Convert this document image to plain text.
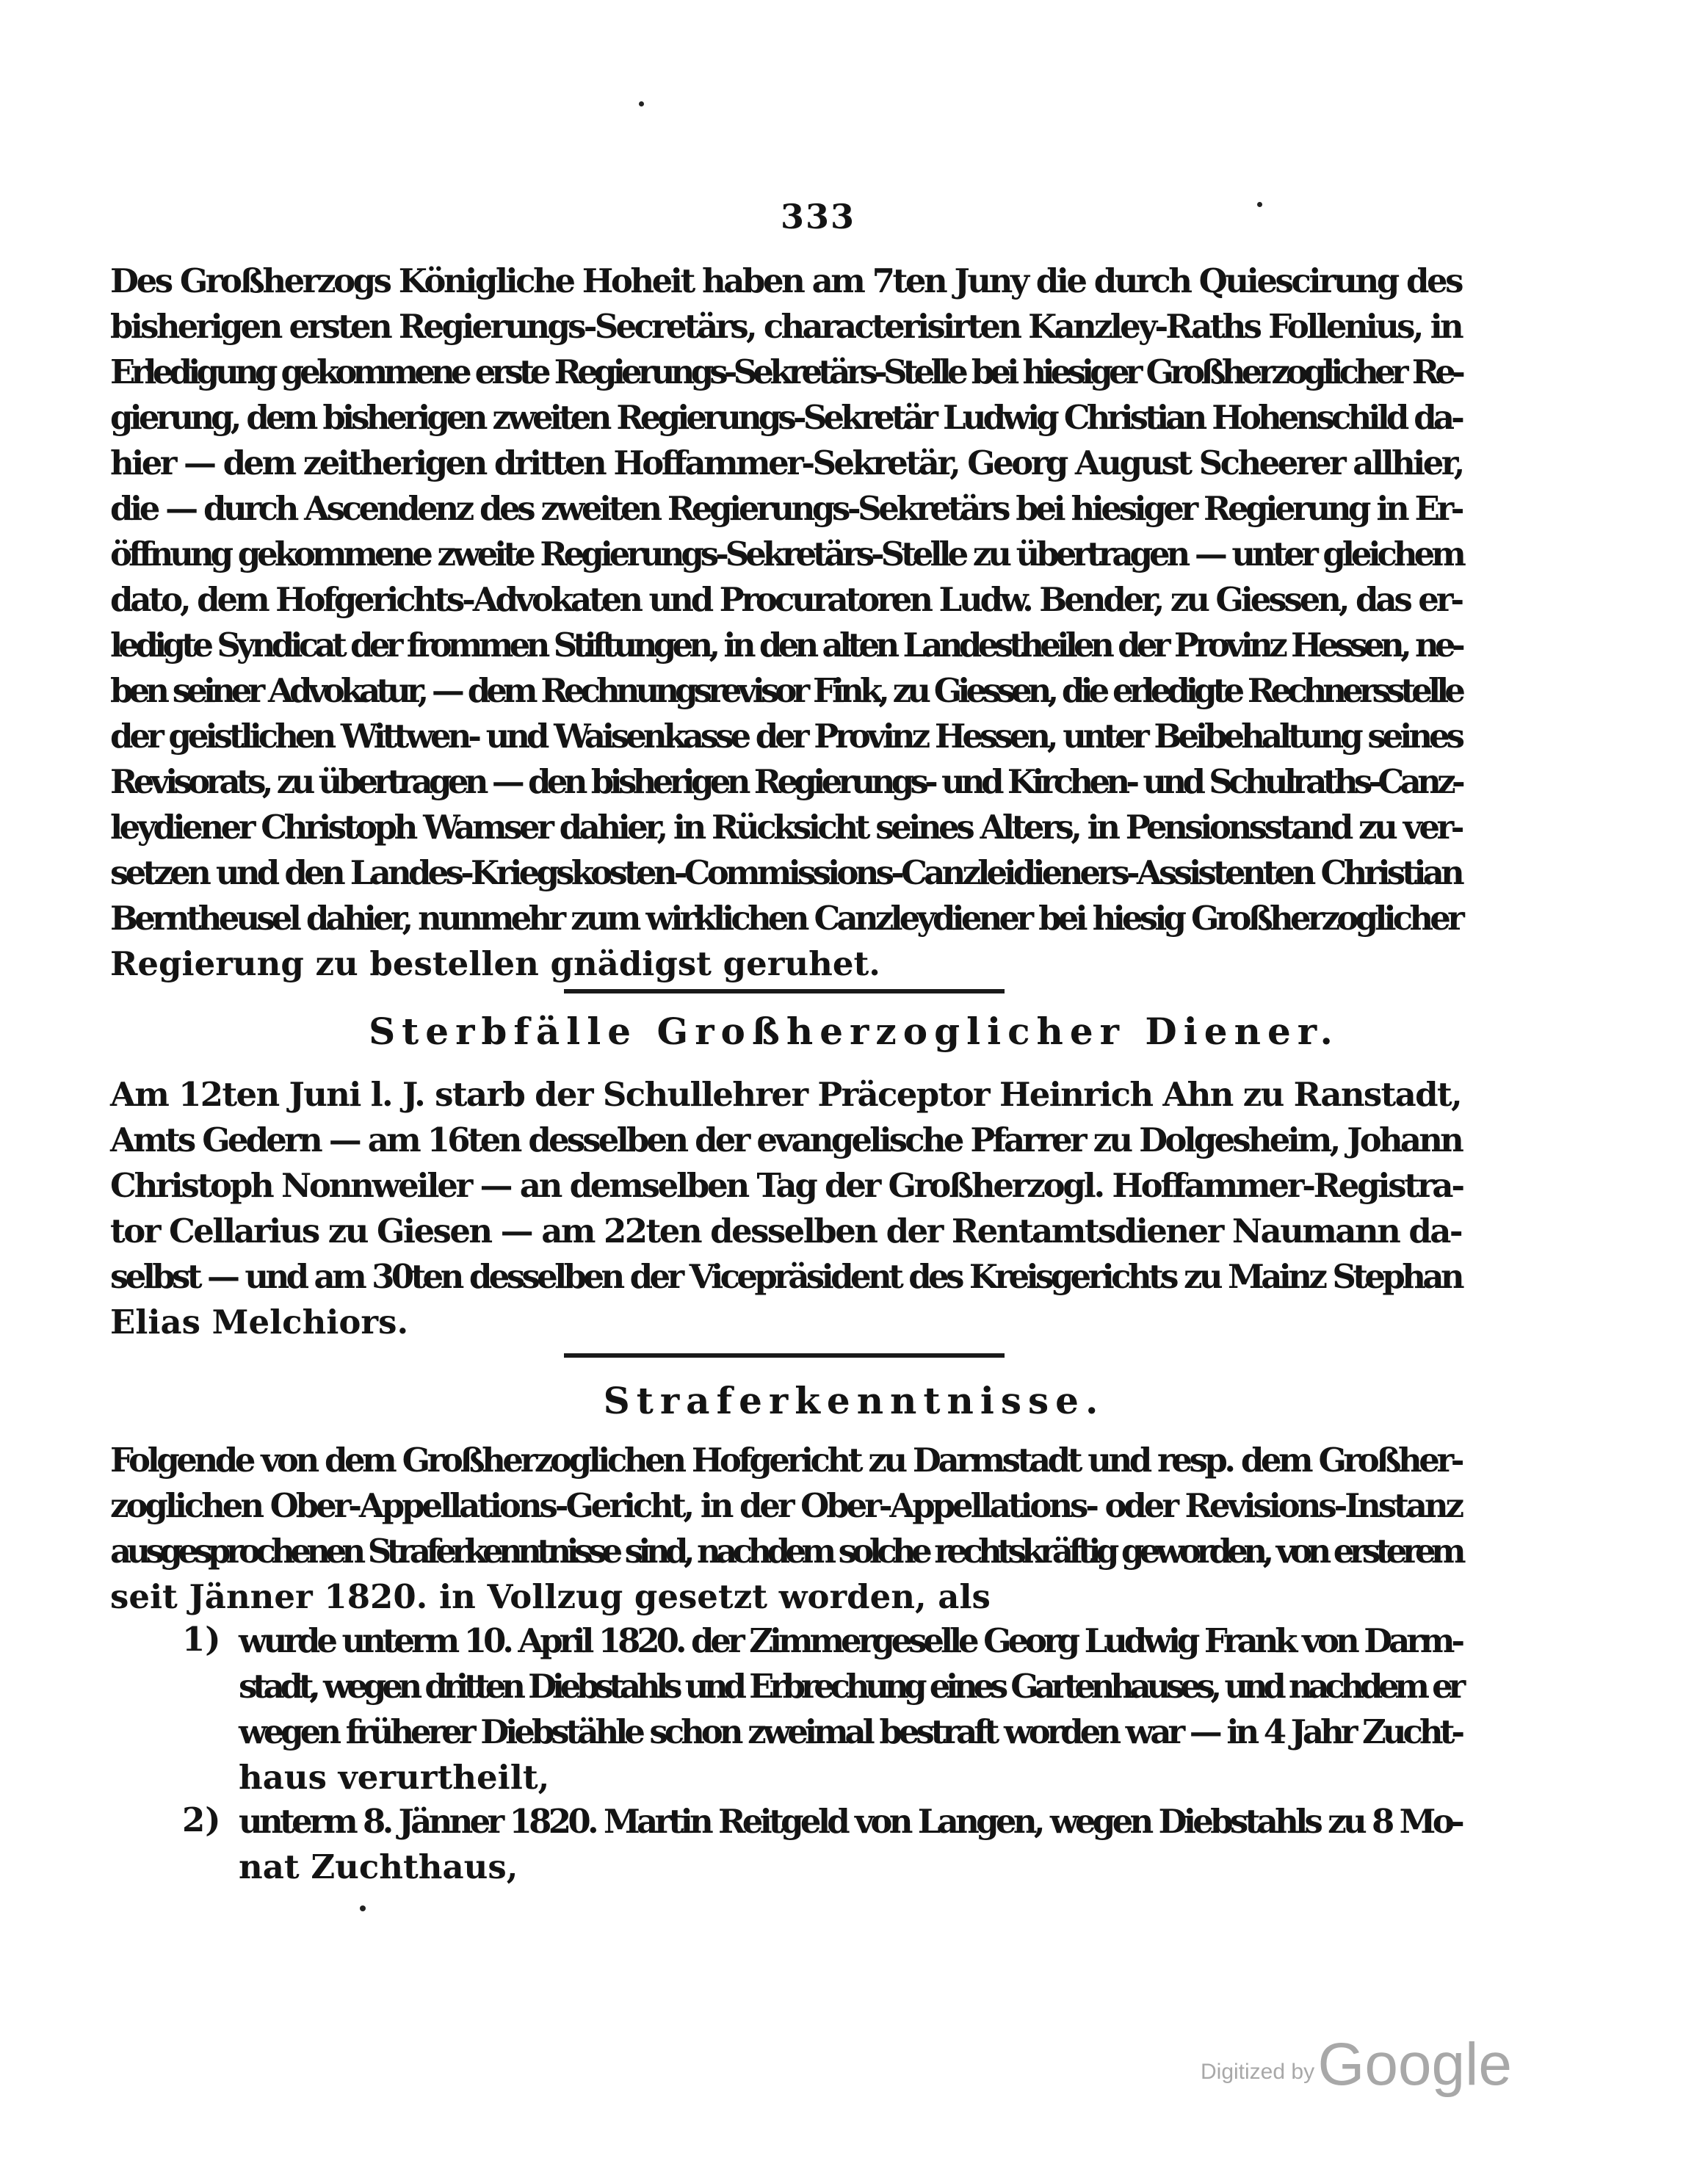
333
Des Großherzogs Königliche Hoheit haben am 7ten Juny die durch Quiescirung des
bisherigen ersten Regierungs-Secretärs, characterisirten Kanzley-Raths Follenius, in
Erledigung gekommene erste Regierungs-Sekretärs-Stelle bei hiesiger Großherzoglicher Re-
gierung, dem bisherigen zweiten Regierungs-Sekretär Ludwig Christian Hohenschild da-
hier — dem zeitherigen dritten Hoffammer-Sekretär, Georg August Scheerer allhier,
die — durch Ascendenz des zweiten Regierungs-Sekretärs bei hiesiger Regierung in Er-
öffnung gekommene zweite Regierungs-Sekretärs-Stelle zu übertragen — unter gleichem
dato, dem Hofgerichts-Advokaten und Procuratoren Ludw. Bender, zu Giessen, das er-
ledigte Syndicat der frommen Stiftungen, in den alten Landestheilen der Provinz Hessen, ne-
ben seiner Advokatur, — dem Rechnungsrevisor Fink, zu Giessen, die erledigte Rechnersstelle
der geistlichen Wittwen- und Waisenkasse der Provinz Hessen, unter Beibehaltung seines
Revisorats, zu übertragen — den bisherigen Regierungs- und Kirchen- und Schulraths-Canz-
leydiener Christoph Wamser dahier, in Rücksicht seines Alters, in Pensionsstand zu ver-
setzen und den Landes-Kriegskosten-Commissions-Canzleidieners-Assistenten Christian
Berntheusel dahier, nunmehr zum wirklichen Canzleydiener bei hiesig Großherzoglicher
Regierung zu bestellen gnädigst geruhet.
Sterbfälle Großherzoglicher Diener.
Am 12ten Juni l. J. starb der Schullehrer Präceptor Heinrich Ahn zu Ranstadt,
Amts Gedern — am 16ten desselben der evangelische Pfarrer zu Dolgesheim, Johann
Christoph Nonnweiler — an demselben Tag der Großherzogl. Hoffammer-Registra-
tor Cellarius zu Giesen — am 22ten desselben der Rentamtsdiener Naumann da-
selbst — und am 30ten desselben der Vicepräsident des Kreisgerichts zu Mainz Stephan
Elias Melchiors.
Straferkenntnisse.
Folgende von dem Großherzoglichen Hofgericht zu Darmstadt und resp. dem Großher-
zoglichen Ober-Appellations-Gericht, in der Ober-Appellations- oder Revisions-Instanz
ausgesprochenen Straferkenntnisse sind, nachdem solche rechtskräftig geworden, von ersterem
seit Jänner 1820. in Vollzug gesetzt worden, als
1) wurde unterm 10. April 1820. der Zimmergeselle Georg Ludwig Frank von Darm-
stadt, wegen dritten Diebstahls und Erbrechung eines Gartenhauses, und nachdem er
wegen früherer Diebstähle schon zweimal bestraft worden war — in 4 Jahr Zucht-
haus verurtheilt,
2) unterm 8. Jänner 1820. Martin Reitgeld von Langen, wegen Diebstahls zu 8 Mo-
nat Zuchthaus,
Digitized by Google
